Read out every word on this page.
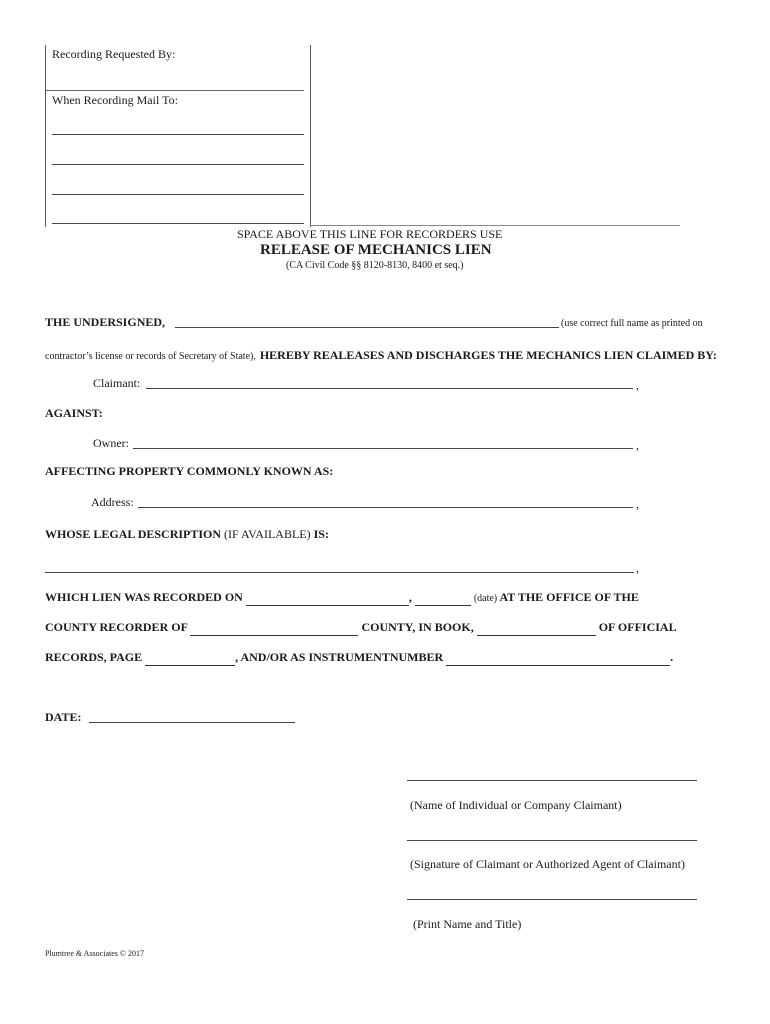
Recording Requested By:
When Recording Mail To:
SPACE ABOVE THIS LINE FOR RECORDERS USE
RELEASE OF MECHANICS LIEN
(CA Civil Code §§ 8120-8130, 8400 et seq.)
THE UNDERSIGNED,	(use correct full name as printed on
contractor’s license or records of Secretary of State), HEREBY REALEASES AND DISCHARGES THE MECHANICS LIEN CLAIMED BY:
Claimant:	,
AGAINST:
Owner:	,
AFFECTING PROPERTY COMMONLY KNOWN AS:
Address:	,
WHOSE LEGAL DESCRIPTION (IF AVAILABLE) IS:
,
WHICH LIEN WAS RECORDED ON	,	(date) AT THE OFFICE OF THE
COUNTY RECORDER OF	COUNTY, IN BOOK,	OF OFFICIAL
RECORDS, PAGE	, AND/OR AS INSTRUMENTNUMBER	.
DATE:
(Name of Individual or Company Claimant)
(Signature of Claimant or Authorized Agent of Claimant)
(Print Name and Title)
Plumtree & Associates © 2017
